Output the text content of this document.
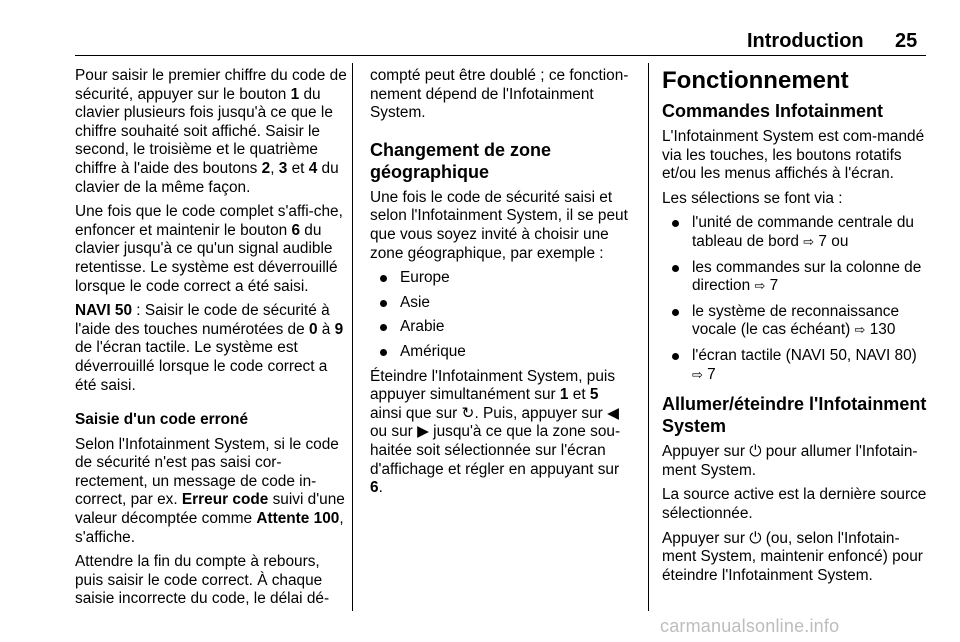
Introduction 25

Pour saisir le premier chiffre du code de sécurité, appuyer sur le bouton 1 du clavier plusieurs fois jusqu'à ce que le chiffre souhaité soit affiché. Saisir le second, le troisième et le quatrième chiffre à l'aide des boutons 2, 3 et 4 du clavier de la même façon.

Une fois que le code complet s'affi‐che, enfoncer et maintenir le bouton 6 du clavier jusqu'à ce qu'un signal audible retentisse. Le système est déverrouillé lorsque le code correct a été saisi.

NAVI 50 : Saisir le code de sécurité à l'aide des touches numérotées de 0 à 9 de l'écran tactile. Le système est déverrouillé lorsque le code correct a été saisi.

Saisie d'un code erroné

Selon l'Infotainment System, si le code de sécurité n'est pas saisi cor‐rectement, un message de code in‐correct, par ex. Erreur code suivi d'une valeur décomptée comme Attente 100, s'affiche.

Attendre la fin du compte à rebours, puis saisir le code correct. À chaque saisie incorrecte du code, le délai dé‐

compté peut être doublé ; ce fonction‐nement dépend de l'Infotainment System.

Changement de zone géographique

Une fois le code de sécurité saisi et selon l'Infotainment System, il se peut que vous soyez invité à choisir une zone géographique, par exemple :

Europe
Asie
Arabie
Amérique

Éteindre l'Infotainment System, puis appuyer simultanément sur 1 et 5 ainsi que sur ↻. Puis, appuyer sur ◀ ou sur ▶ jusqu'à ce que la zone sou‐haitée soit sélectionnée sur l'écran d'affichage et régler en appuyant sur 6.

Fonctionnement

Commandes Infotainment

L'Infotainment System est com‐mandé via les touches, les boutons rotatifs et/ou les menus affichés à l'écran.

Les sélections se font via :

l'unité de commande centrale du tableau de bord ⇨ 7 ou
les commandes sur la colonne de direction ⇨ 7
le système de reconnaissance vocale (le cas échéant) ⇨ 130
l'écran tactile (NAVI 50, NAVI 80) ⇨ 7

Allumer/éteindre l'Infotainment System

Appuyer sur ⏻ pour allumer l'Infotain‐ment System.

La source active est la dernière source sélectionnée.

Appuyer sur ⏻ (ou, selon l'Infotain‐ment System, maintenir enfoncé) pour éteindre l'Infotainment System.

carmanualsonline.info
